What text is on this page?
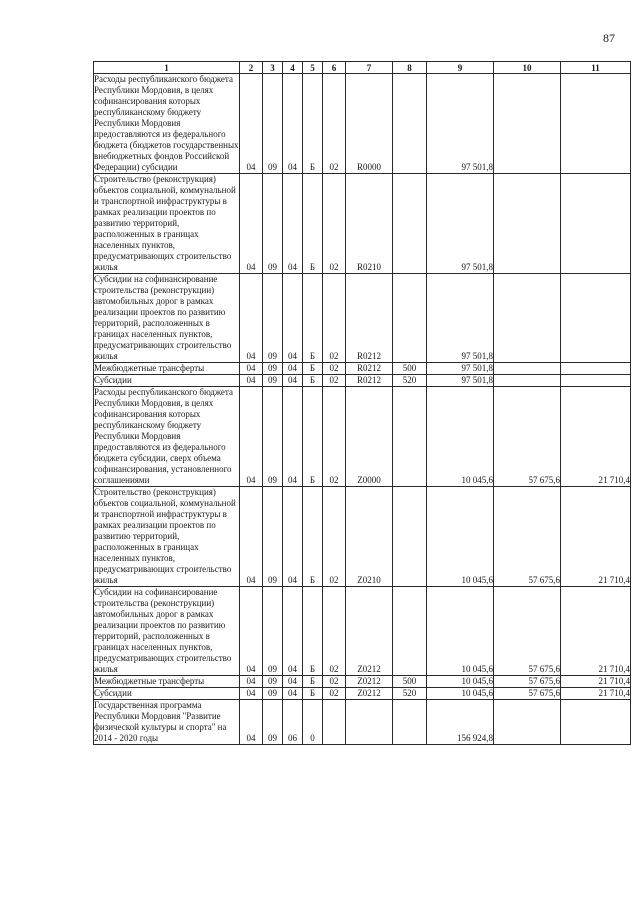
87
1	2	3	4	5	6	7	8	9	10	11

Расходы республиканского бюджета Республики Мордовия, в целях софинансирования которых республиканскому бюджету Республики Мордовия предоставляются из федерального бюджета (бюджетов государственных внебюджетных фондов Российской Федерации) субсидии	04	09	04	Б	02	R0000		97 501,8		

Строительство (реконструкция) объектов социальной, коммунальной и транспортной инфраструктуры в рамках реализации проектов по развитию территорий, расположенных в границах населенных пунктов, предусматривающих строительство жилья	04	09	04	Б	02	R0210		97 501,8		

Субсидии на софинансирование строительства (реконструкции) автомобильных дорог в рамках реализации проектов по развитию территорий, расположенных в границах населенных пунктов, предусматривающих строительство жилья	04	09	04	Б	02	R0212		97 501,8		

Межбюджетные трансферты	04	09	04	Б	02	R0212	500	97 501,8		

Субсидии	04	09	04	Б	02	R0212	520	97 501,8		

Расходы республиканского бюджета Республики Мордовия, в целях софинансирования которых республиканскому бюджету Республики Мордовия предоставляются из федерального бюджета субсидии, сверх объема софинансирования, установленного соглашениями	04	09	04	Б	02	Z0000		10 045,6	57 675,6	21 710,4

Строительство (реконструкция) объектов социальной, коммунальной и транспортной инфраструктуры в рамках реализации проектов по развитию территорий, расположенных в границах населенных пунктов, предусматривающих строительство жилья	04	09	04	Б	02	Z0210		10 045,6	57 675,6	21 710,4

Субсидии на софинансирование строительства (реконструкции) автомобильных дорог в рамках реализации проектов по развитию территорий, расположенных в границах населенных пунктов, предусматривающих строительство жилья	04	09	04	Б	02	Z0212		10 045,6	57 675,6	21 710,4

Межбюджетные трансферты	04	09	04	Б	02	Z0212	500	10 045,6	57 675,6	21 710,4

Субсидии	04	09	04	Б	02	Z0212	520	10 045,6	57 675,6	21 710,4

Государственная программа Республики Мордовия "Развитие физической культуры и спорта" на 2014 - 2020 годы	04	09	06	0				156 924,8		
